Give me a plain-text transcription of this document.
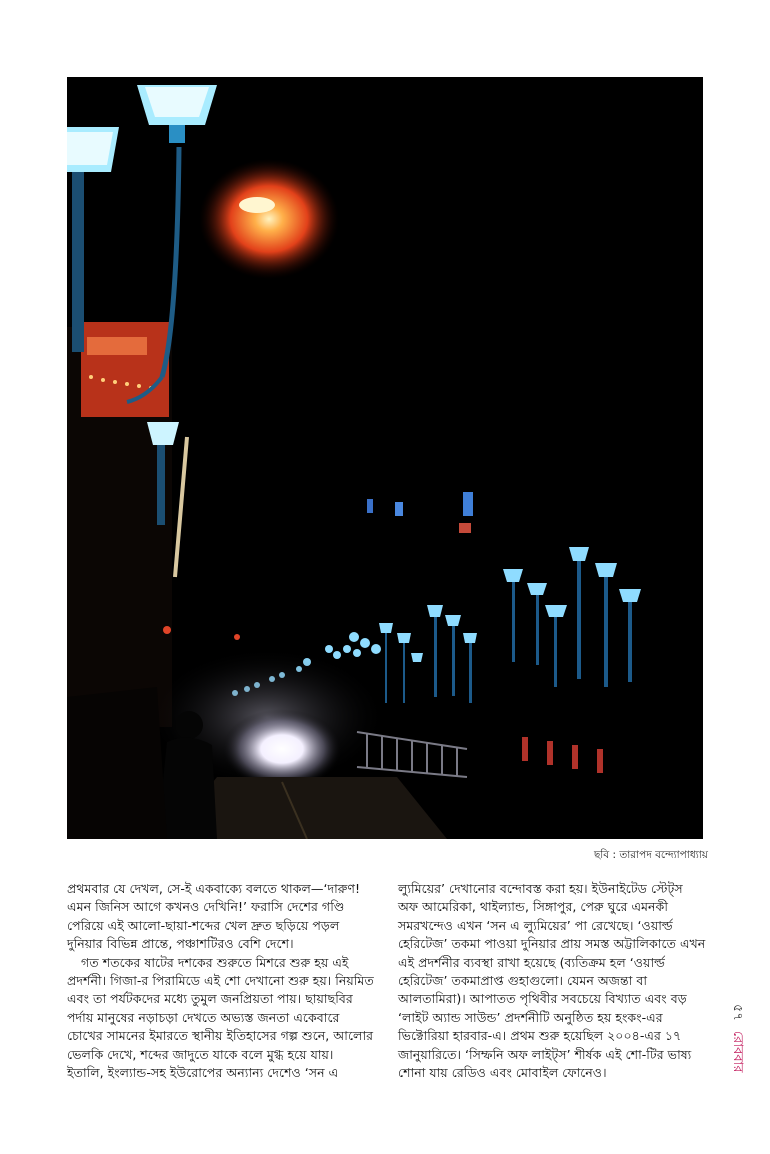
ছবি : তারাপদ বন্দ্যোপাধ্যায়
প্রথমবার যে দেখল, সে-ই একবাক্যে বলতে থাকল—‘দারুণ!
এমন জিনিস আগে কখনও দেখিনি!’ ফরাসি দেশের গণ্ডি
পেরিয়ে এই আলো-ছায়া-শব্দের খেল দ্রুত ছড়িয়ে পড়ল
দুনিয়ার বিভিন্ন প্রান্তে, পঞ্চাশটিরও বেশি দেশে।
গত শতকের ষাটের দশকের শুরুতে মিশরে শুরু হয় এই
প্রদর্শনী। গিজা-র পিরামিডে এই শো দেখানো শুরু হয়। নিয়মিত
এবং তা পর্যটকদের মধ্যে তুমুল জনপ্রিয়তা পায়। ছায়াছবির
পর্দায় মানুষের নড়াচড়া দেখতে অভ্যস্ত জনতা একেবারে
চোখের সামনের ইমারতে স্থানীয় ইতিহাসের গল্প শুনে, আলোর
ভেলকি দেখে, শব্দের জাদুতে যাকে বলে মুগ্ধ হয়ে যায়।
ইতালি, ইংল্যান্ড-সহ ইউরোপের অন্যান্য দেশেও ‘সন এ
ল্যুমিয়ের’ দেখানোর বন্দোবস্ত করা হয়। ইউনাইটেড স্টেট্স
অফ আমেরিকা, থাইল্যান্ড, সিঙ্গাপুর, পেরু ঘুরে এমনকী
সমরখন্দেও এখন ‘সন এ ল্যুমিয়ের’ পা রেখেছে। ‘ওয়ার্ল্ড
হেরিটেজ’ তকমা পাওয়া দুনিয়ার প্রায় সমস্ত অট্টালিকাতে এখন
এই প্রদর্শনীর ব্যবস্থা রাখা হয়েছে (ব্যতিক্রম হল ‘ওয়ার্ল্ড
হেরিটেজ’ তকমাপ্রাপ্ত গুহাগুলো। যেমন অজন্তা বা
আলতামিরা)। আপাতত পৃথিবীর সবচেয়ে বিখ্যাত এবং বড়
‘লাইট অ্যান্ড সাউন্ড’ প্রদর্শনীটি অনুষ্ঠিত হয় হংকং-এর
ভিক্টোরিয়া হারবার-এ। প্রথম শুরু হয়েছিল ২০০৪-এর ১৭
জানুয়ারিতে। ‘সিম্ফনি অফ লাইট্স’ শীর্ষক এই শো-টির ভাষ্য
শোনা যায় রেডিও এবং মোবাইল ফোনেও।
৫৭
রোববার
